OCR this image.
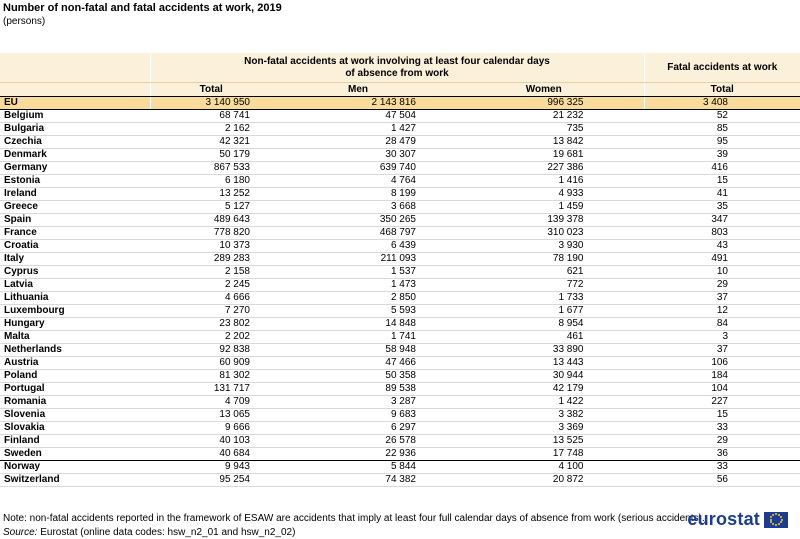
Number of non-fatal and fatal accidents at work, 2019
(persons)
	Non-fatal accidents at work involving at least four calendar days of absence from work			Fatal accidents at work
	Total	Men	Women	Total
EU	3 140 950	2 143 816	996 325	3 408
Belgium	68 741	47 504	21 232	52
Bulgaria	2 162	1 427	735	85
Czechia	42 321	28 479	13 842	95
Denmark	50 179	30 307	19 681	39
Germany	867 533	639 740	227 386	416
Estonia	6 180	4 764	1 416	15
Ireland	13 252	8 199	4 933	41
Greece	5 127	3 668	1 459	35
Spain	489 643	350 265	139 378	347
France	778 820	468 797	310 023	803
Croatia	10 373	6 439	3 930	43
Italy	289 283	211 093	78 190	491
Cyprus	2 158	1 537	621	10
Latvia	2 245	1 473	772	29
Lithuania	4 666	2 850	1 733	37
Luxembourg	7 270	5 593	1 677	12
Hungary	23 802	14 848	8 954	84
Malta	2 202	1 741	461	3
Netherlands	92 838	58 948	33 890	37
Austria	60 909	47 466	13 443	106
Poland	81 302	50 358	30 944	184
Portugal	131 717	89 538	42 179	104
Romania	4 709	3 287	1 422	227
Slovenia	13 065	9 683	3 382	15
Slovakia	9 666	6 297	3 369	33
Finland	40 103	26 578	13 525	29
Sweden	40 684	22 936	17 748	36
Norway	9 943	5 844	4 100	33
Switzerland	95 254	74 382	20 872	56
Note: non-fatal accidents reported in the framework of ESAW are accidents that imply at least four full calendar days of absence from work (serious accidents).
Source: Eurostat (online data codes: hsw_n2_01 and hsw_n2_02)
eurostat
